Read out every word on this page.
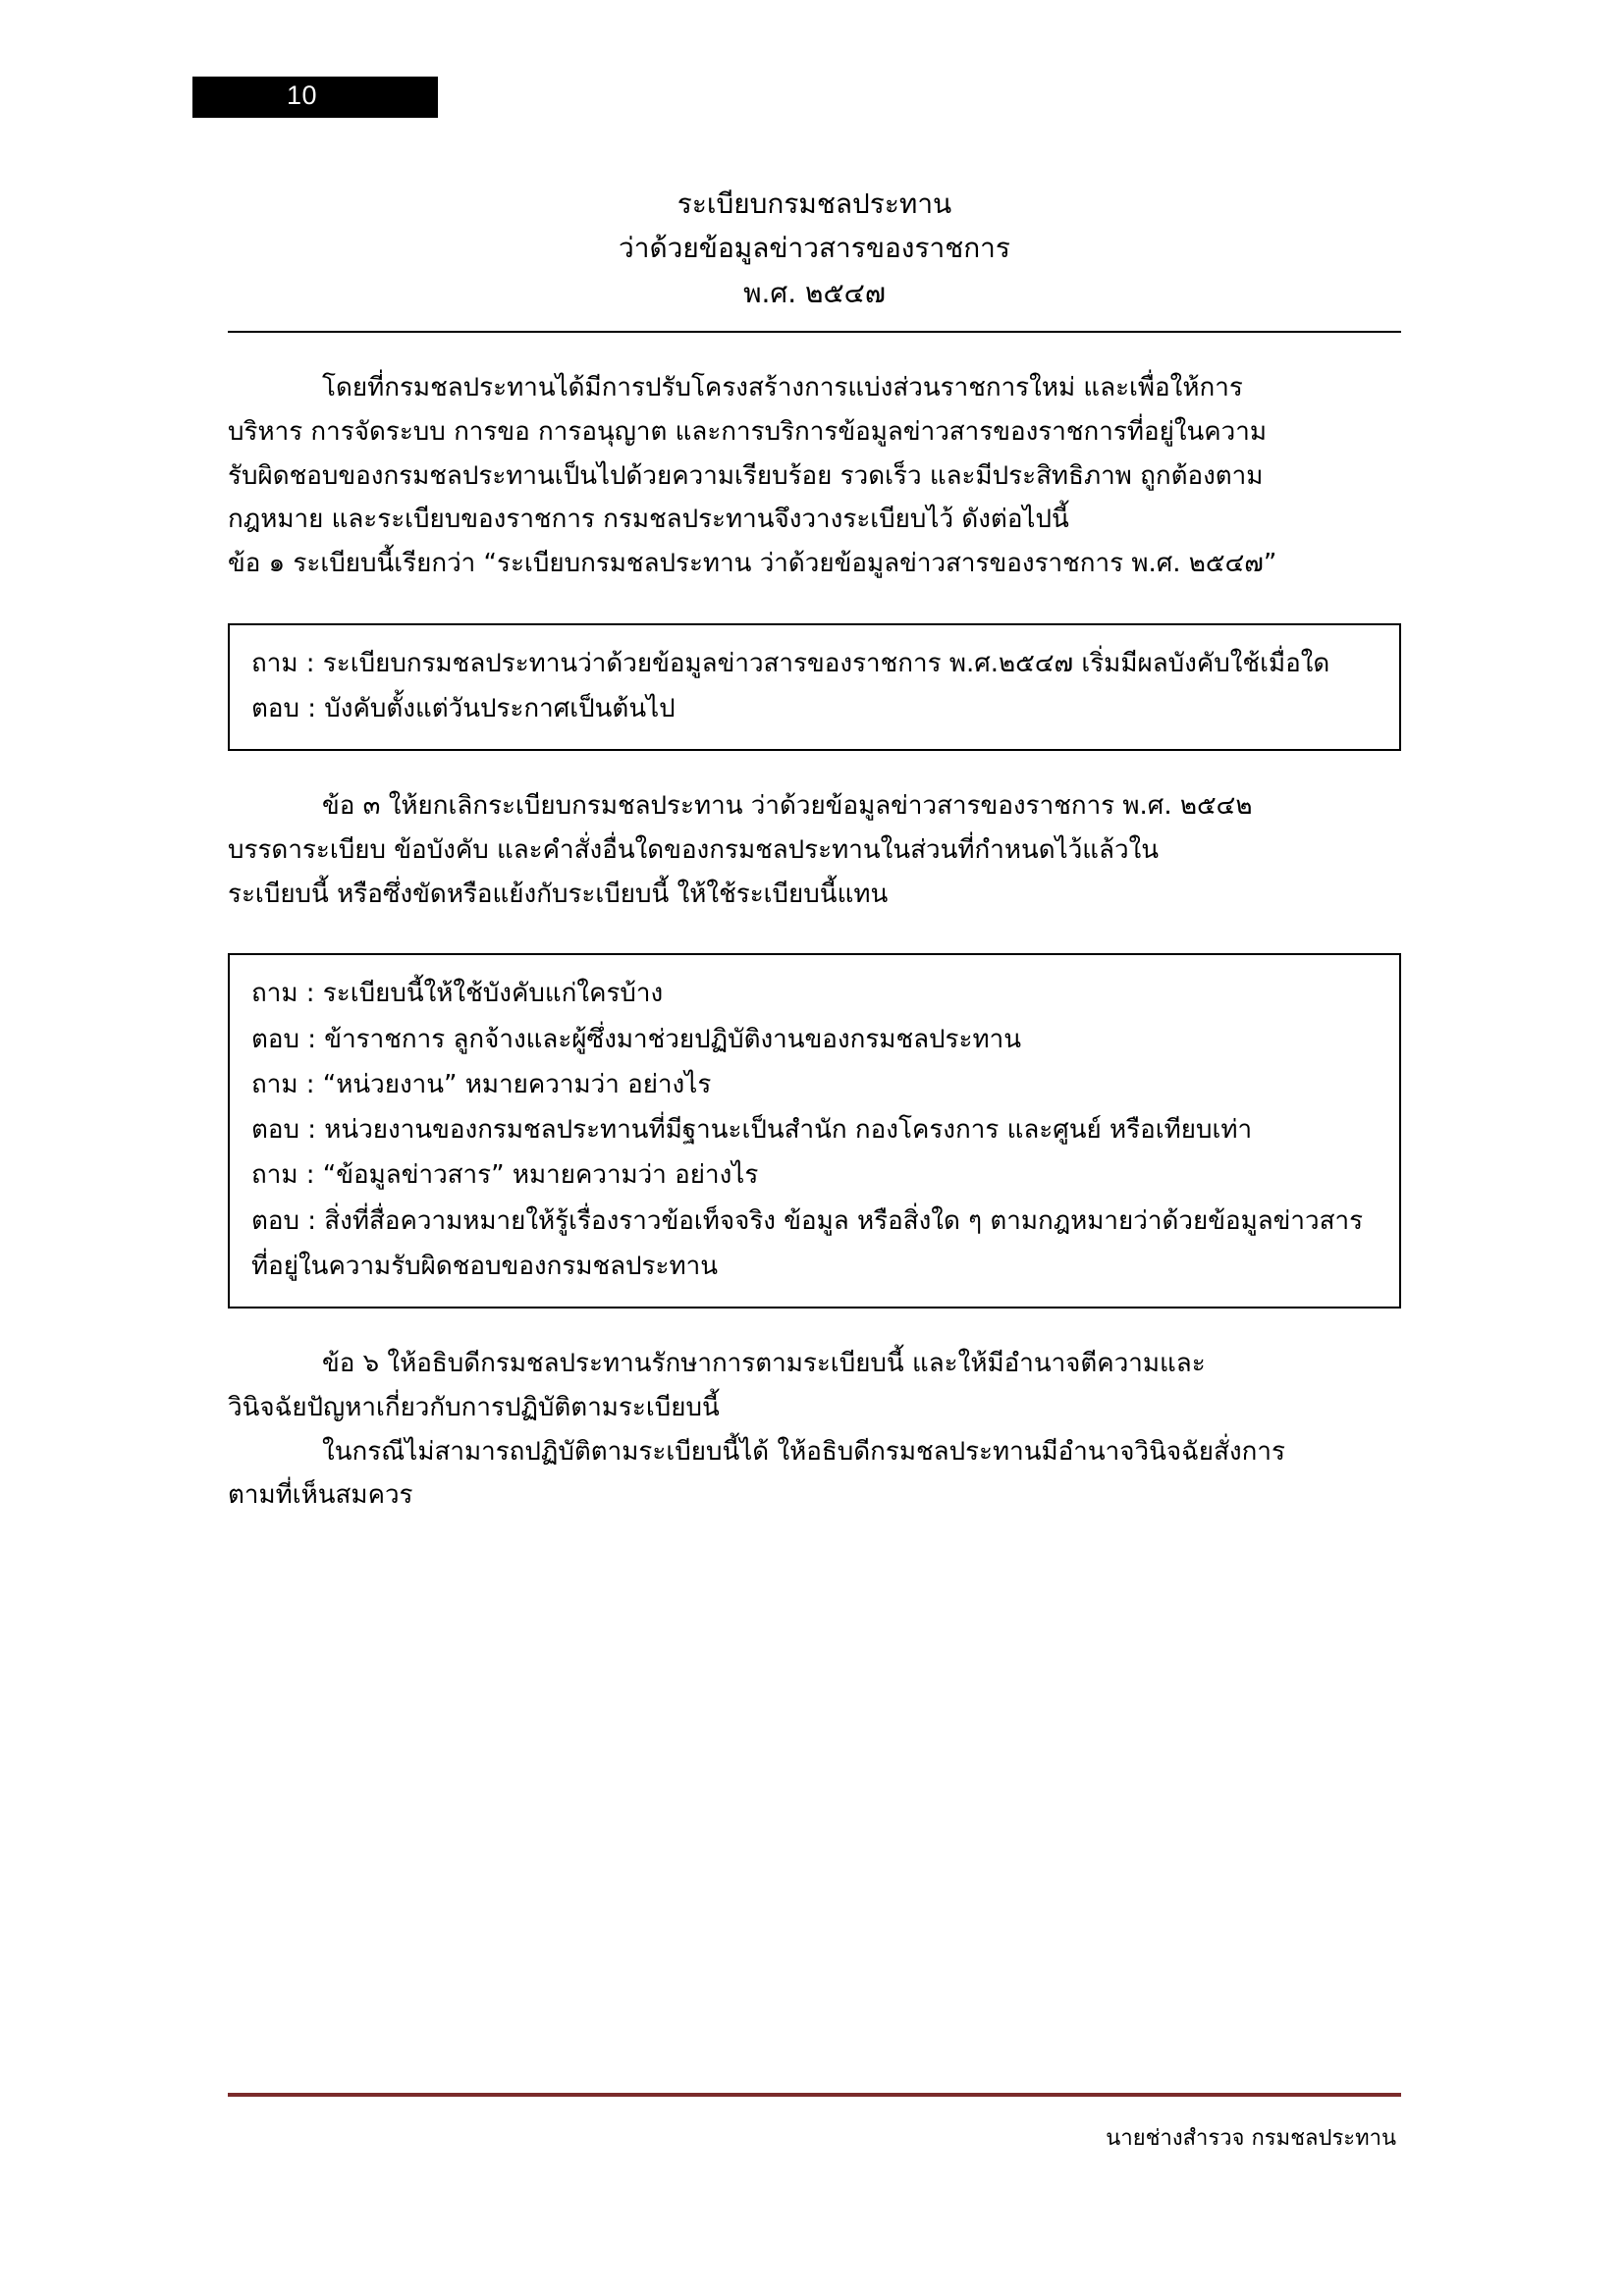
10
ระเบียบกรมชลประทาน
ว่าด้วยข้อมูลข่าวสารของราชการ
พ.ศ. ๒๕๔๗
โดยที่กรมชลประทานได้มีการปรับโครงสร้างการแบ่งส่วนราชการใหม่ และเพื่อให้การ
บริหาร การจัดระบบ การขอ การอนุญาต และการบริการข้อมูลข่าวสารของราชการที่อยู่ในความ
รับผิดชอบของกรมชลประทานเป็นไปด้วยความเรียบร้อย รวดเร็ว และมีประสิทธิภาพ ถูกต้องตาม
กฎหมาย และระเบียบของราชการ กรมชลประทานจึงวางระเบียบไว้ ดังต่อไปนี้
ข้อ ๑ ระเบียบนี้เรียกว่า “ระเบียบกรมชลประทาน ว่าด้วยข้อมูลข่าวสารของราชการ พ.ศ. ๒๕๔๗”
ถาม : ระเบียบกรมชลประทานว่าด้วยข้อมูลข่าวสารของราชการ พ.ศ.๒๕๔๗ เริ่มมีผลบังคับใช้เมื่อใด
ตอบ : บังคับตั้งแต่วันประกาศเป็นต้นไป
ข้อ ๓ ให้ยกเลิกระเบียบกรมชลประทาน ว่าด้วยข้อมูลข่าวสารของราชการ พ.ศ. ๒๕๔๒
บรรดาระเบียบ ข้อบังคับ และคำสั่งอื่นใดของกรมชลประทานในส่วนที่กำหนดไว้แล้วใน
ระเบียบนี้ หรือซึ่งขัดหรือแย้งกับระเบียบนี้ ให้ใช้ระเบียบนี้แทน
ถาม : ระเบียบนี้ให้ใช้บังคับแก่ใครบ้าง
ตอบ : ข้าราชการ ลูกจ้างและผู้ซึ่งมาช่วยปฏิบัติงานของกรมชลประทาน
ถาม : “หน่วยงาน” หมายความว่า อย่างไร
ตอบ : หน่วยงานของกรมชลประทานที่มีฐานะเป็นสำนัก กองโครงการ และศูนย์ หรือเทียบเท่า
ถาม : “ข้อมูลข่าวสาร” หมายความว่า อย่างไร
ตอบ : สิ่งที่สื่อความหมายให้รู้เรื่องราวข้อเท็จจริง ข้อมูล หรือสิ่งใด ๆ ตามกฎหมายว่าด้วยข้อมูลข่าวสาร
ที่อยู่ในความรับผิดชอบของกรมชลประทาน
ข้อ ๖ ให้อธิบดีกรมชลประทานรักษาการตามระเบียบนี้ และให้มีอำนาจตีความและ
วินิจฉัยปัญหาเกี่ยวกับการปฏิบัติตามระเบียบนี้
ในกรณีไม่สามารถปฏิบัติตามระเบียบนี้ได้ ให้อธิบดีกรมชลประทานมีอำนาจวินิจฉัยสั่งการ
ตามที่เห็นสมควร
นายช่างสำรวจ กรมชลประทาน
